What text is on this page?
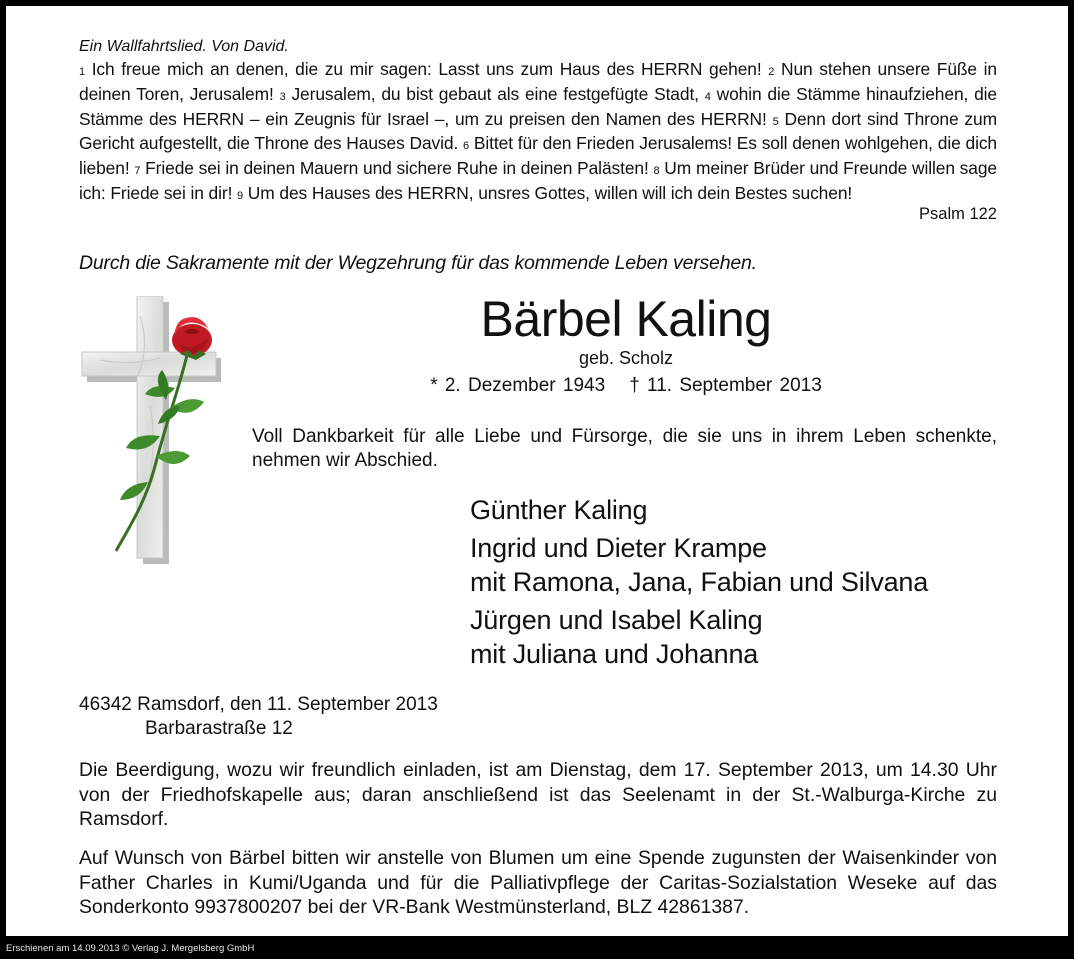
Ein Wallfahrtslied. Von David.
1 Ich freue mich an denen, die zu mir sagen: Lasst uns zum Haus des HERRN gehen! 2 Nun stehen unsere Füße in deinen Toren, Jerusalem! 3 Jerusalem, du bist gebaut als eine festgefügte Stadt, 4 wohin die Stämme hinaufziehen, die Stämme des HERRN – ein Zeugnis für Israel –, um zu preisen den Namen des HERRN! 5 Denn dort sind Throne zum Gericht aufgestellt, die Throne des Hauses David. 6 Bittet für den Frieden Jerusalems! Es soll denen wohlgehen, die dich lieben! 7 Friede sei in deinen Mauern und sichere Ruhe in deinen Palästen! 8 Um meiner Brüder und Freunde willen sage ich: Friede sei in dir! 9 Um des Hauses des HERRN, unsres Gottes, willen will ich dein Bestes suchen!
Psalm 122
Durch die Sakramente mit der Wegzehrung für das kommende Leben versehen.
Bärbel Kaling
geb. Scholz
* 2. Dezember 1943 † 11. September 2013
Voll Dankbarkeit für alle Liebe und Fürsorge, die sie uns in ihrem Leben schenkte, nehmen wir Abschied.
Günther Kaling
Ingrid und Dieter Krampe
mit Ramona, Jana, Fabian und Silvana
Jürgen und Isabel Kaling
mit Juliana und Johanna
46342 Ramsdorf, den 11. September 2013
Barbarastraße 12
Die Beerdigung, wozu wir freundlich einladen, ist am Dienstag, dem 17. September 2013, um 14.30 Uhr von der Friedhofskapelle aus; daran anschließend ist das Seelenamt in der St.-Walburga-Kirche zu Ramsdorf.
Auf Wunsch von Bärbel bitten wir anstelle von Blumen um eine Spende zugunsten der Waisenkinder von Father Charles in Kumi/Uganda und für die Palliativpflege der Caritas-Sozialstation Weseke auf das Sonderkonto 9937800207 bei der VR-Bank Westmünsterland, BLZ 42861387.
Erschienen am 14.09.2013 © Verlag J. Mergelsberg GmbH
